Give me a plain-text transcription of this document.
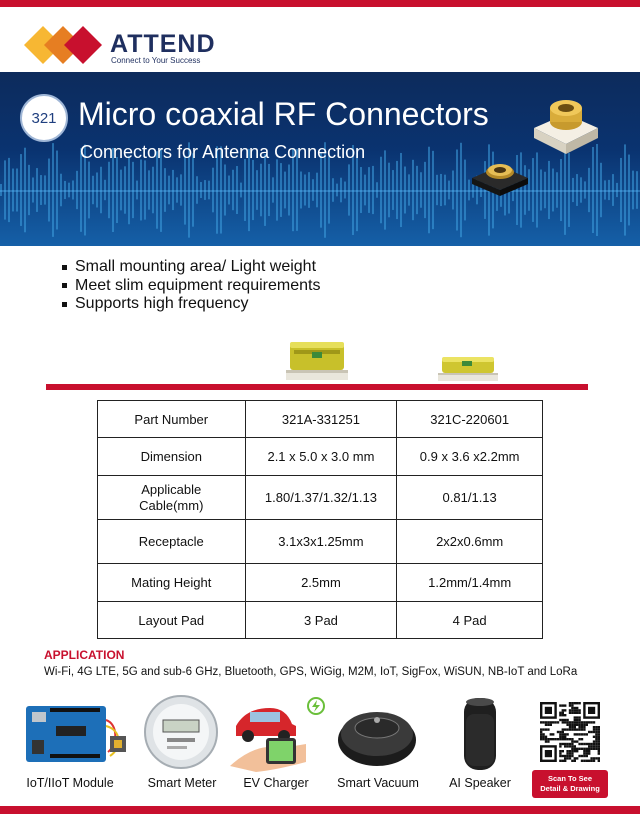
ATTEND
Connect to Your Success
321 Micro coaxial RF Connectors
Connectors for Antenna Connection
Small mounting area/ Light weight
Meet slim equipment requirements
Supports high frequency
Part Number	321A-331251	321C-220601
Dimension	2.1 x 5.0 x 3.0 mm	0.9 x 3.6 x2.2mm
Applicable
Cable(mm)	1.80/1.37/1.32/1.13	0.81/1.13
Receptacle	3.1x3x1.25mm	2x2x0.6mm
Mating Height	2.5mm	1.2mm/1.4mm
Layout Pad	3 Pad	4 Pad
APPLICATION
Wi-Fi, 4G LTE, 5G and sub-6 GHz, Bluetooth, GPS, WiGig, M2M, IoT, SigFox, WiSUN, NB-IoT and LoRa
IoT/IIoT Module	Smart Meter EV Charger Smart Vacuum AI Speaker	Scan To See
Detail & Drawing
